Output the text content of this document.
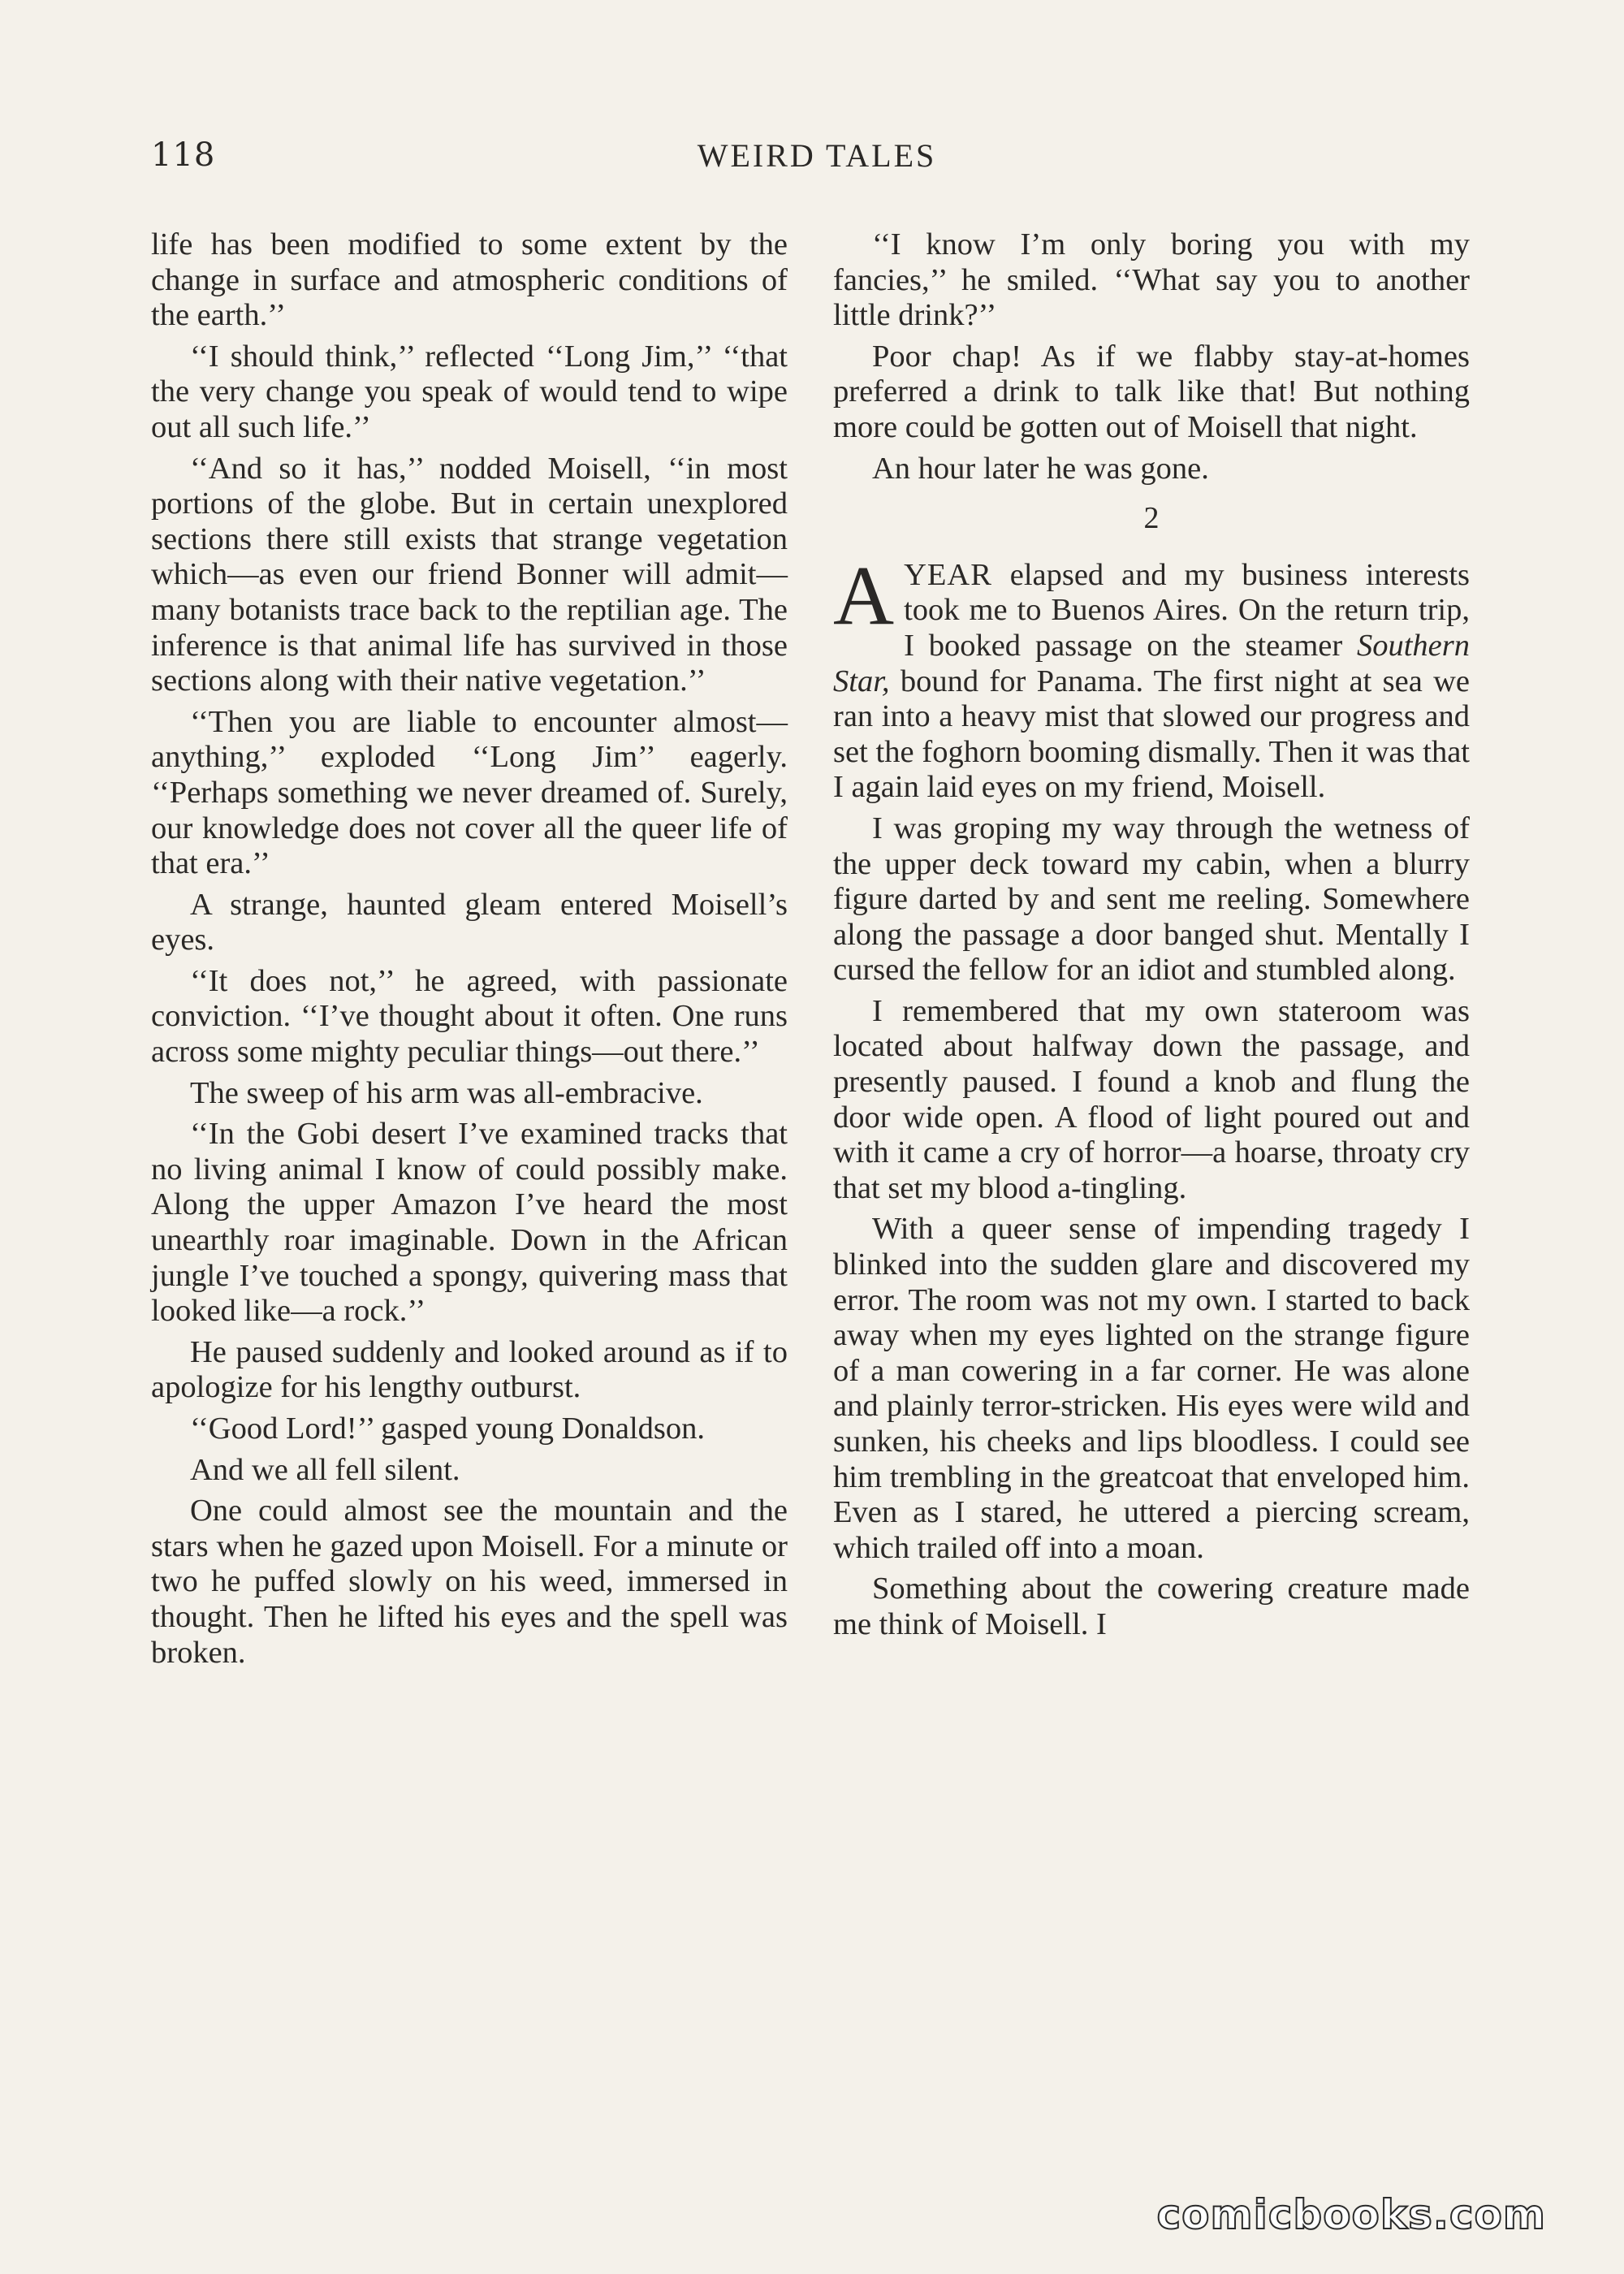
118	WEIRD TALES

life has been modified to some extent by the change in surface and atmospheric conditions of the earth.’’

‘‘I should think,’’ reflected ‘‘Long Jim,’’ ‘‘that the very change you speak of would tend to wipe out all such life.’’

‘‘And so it has,’’ nodded Moisell, ‘‘in most portions of the globe. But in certain unexplored sections there still exists that strange vegetation which—as even our friend Bonner will admit—many botanists trace back to the reptilian age. The inference is that animal life has survived in those sections along with their native vegetation.’’

‘‘Then you are liable to encounter almost—anything,’’ exploded ‘‘Long Jim’’ eagerly. ‘‘Perhaps something we never dreamed of. Surely, our knowledge does not cover all the queer life of that era.’’

A strange, haunted gleam entered Moisell’s eyes.

‘‘It does not,’’ he agreed, with passionate conviction. ‘‘I’ve thought about it often. One runs across some mighty peculiar things—out there.’’

The sweep of his arm was all-embracive.

‘‘In the Gobi desert I’ve examined tracks that no living animal I know of could possibly make. Along the upper Amazon I’ve heard the most unearthly roar imaginable. Down in the African jungle I’ve touched a spongy, quivering mass that looked like—a rock.’’

He paused suddenly and looked around as if to apologize for his lengthy outburst.

‘‘Good Lord!’’ gasped young Donaldson.

And we all fell silent.

One could almost see the mountain and the stars when he gazed upon Moisell. For a minute or two he puffed slowly on his weed, immersed in thought. Then he lifted his eyes and the spell was broken.

‘‘I know I’m only boring you with my fancies,’’ he smiled. ‘‘What say you to another little drink?’’

Poor chap! As if we flabby stay-at-homes preferred a drink to talk like that! But nothing more could be gotten out of Moisell that night.

An hour later he was gone.

2

AYEAR elapsed and my business interests took me to Buenos Aires. On the return trip, I booked passage on the steamer Southern Star, bound for Panama. The first night at sea we ran into a heavy mist that slowed our progress and set the foghorn booming dismally. Then it was that I again laid eyes on my friend, Moisell.

I was groping my way through the wetness of the upper deck toward my cabin, when a blurry figure darted by and sent me reeling. Somewhere along the passage a door banged shut. Mentally I cursed the fellow for an idiot and stumbled along.

I remembered that my own stateroom was located about halfway down the passage, and presently paused. I found a knob and flung the door wide open. A flood of light poured out and with it came a cry of horror—a hoarse, throaty cry that set my blood a-tingling.

With a queer sense of impending tragedy I blinked into the sudden glare and discovered my error. The room was not my own. I started to back away when my eyes lighted on the strange figure of a man cowering in a far corner. He was alone and plainly terror-stricken. His eyes were wild and sunken, his cheeks and lips bloodless. I could see him trembling in the greatcoat that enveloped him. Even as I stared, he uttered a piercing scream, which trailed off into a moan.

Something about the cowering creature made me think of Moisell. I

comicbooks.com
